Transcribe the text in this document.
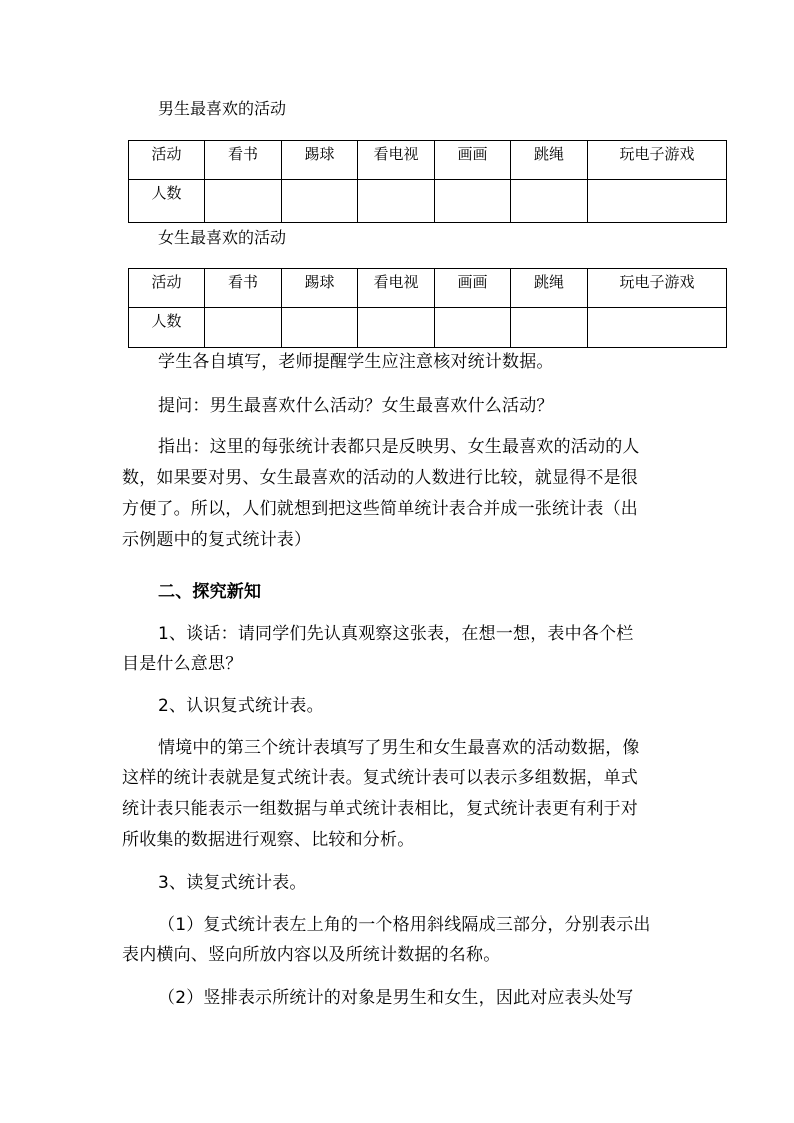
男生最喜欢的活动
活动	看书	踢球	看电视	画画	跳绳	玩电子游戏
人数						
女生最喜欢的活动
活动	看书	踢球	看电视	画画	跳绳	玩电子游戏
人数						
学生各自填写，老师提醒学生应注意核对统计数据。
提问：男生最喜欢什么活动？女生最喜欢什么活动？
指出：这里的每张统计表都只是反映男、女生最喜欢的活动的人
数，如果要对男、女生最喜欢的活动的人数进行比较，就显得不是很
方便了。所以，人们就想到把这些简单统计表合并成一张统计表（出
示例题中的复式统计表）
二、探究新知
1、谈话：请同学们先认真观察这张表，在想一想，表中各个栏
目是什么意思？
2、认识复式统计表。
情境中的第三个统计表填写了男生和女生最喜欢的活动数据，像
这样的统计表就是复式统计表。复式统计表可以表示多组数据，单式
统计表只能表示一组数据与单式统计表相比，复式统计表更有利于对
所收集的数据进行观察、比较和分析。
3、读复式统计表。
（1）复式统计表左上角的一个格用斜线隔成三部分，分别表示出
表内横向、竖向所放内容以及所统计数据的名称。
（2）竖排表示所统计的对象是男生和女生，因此对应表头处写
